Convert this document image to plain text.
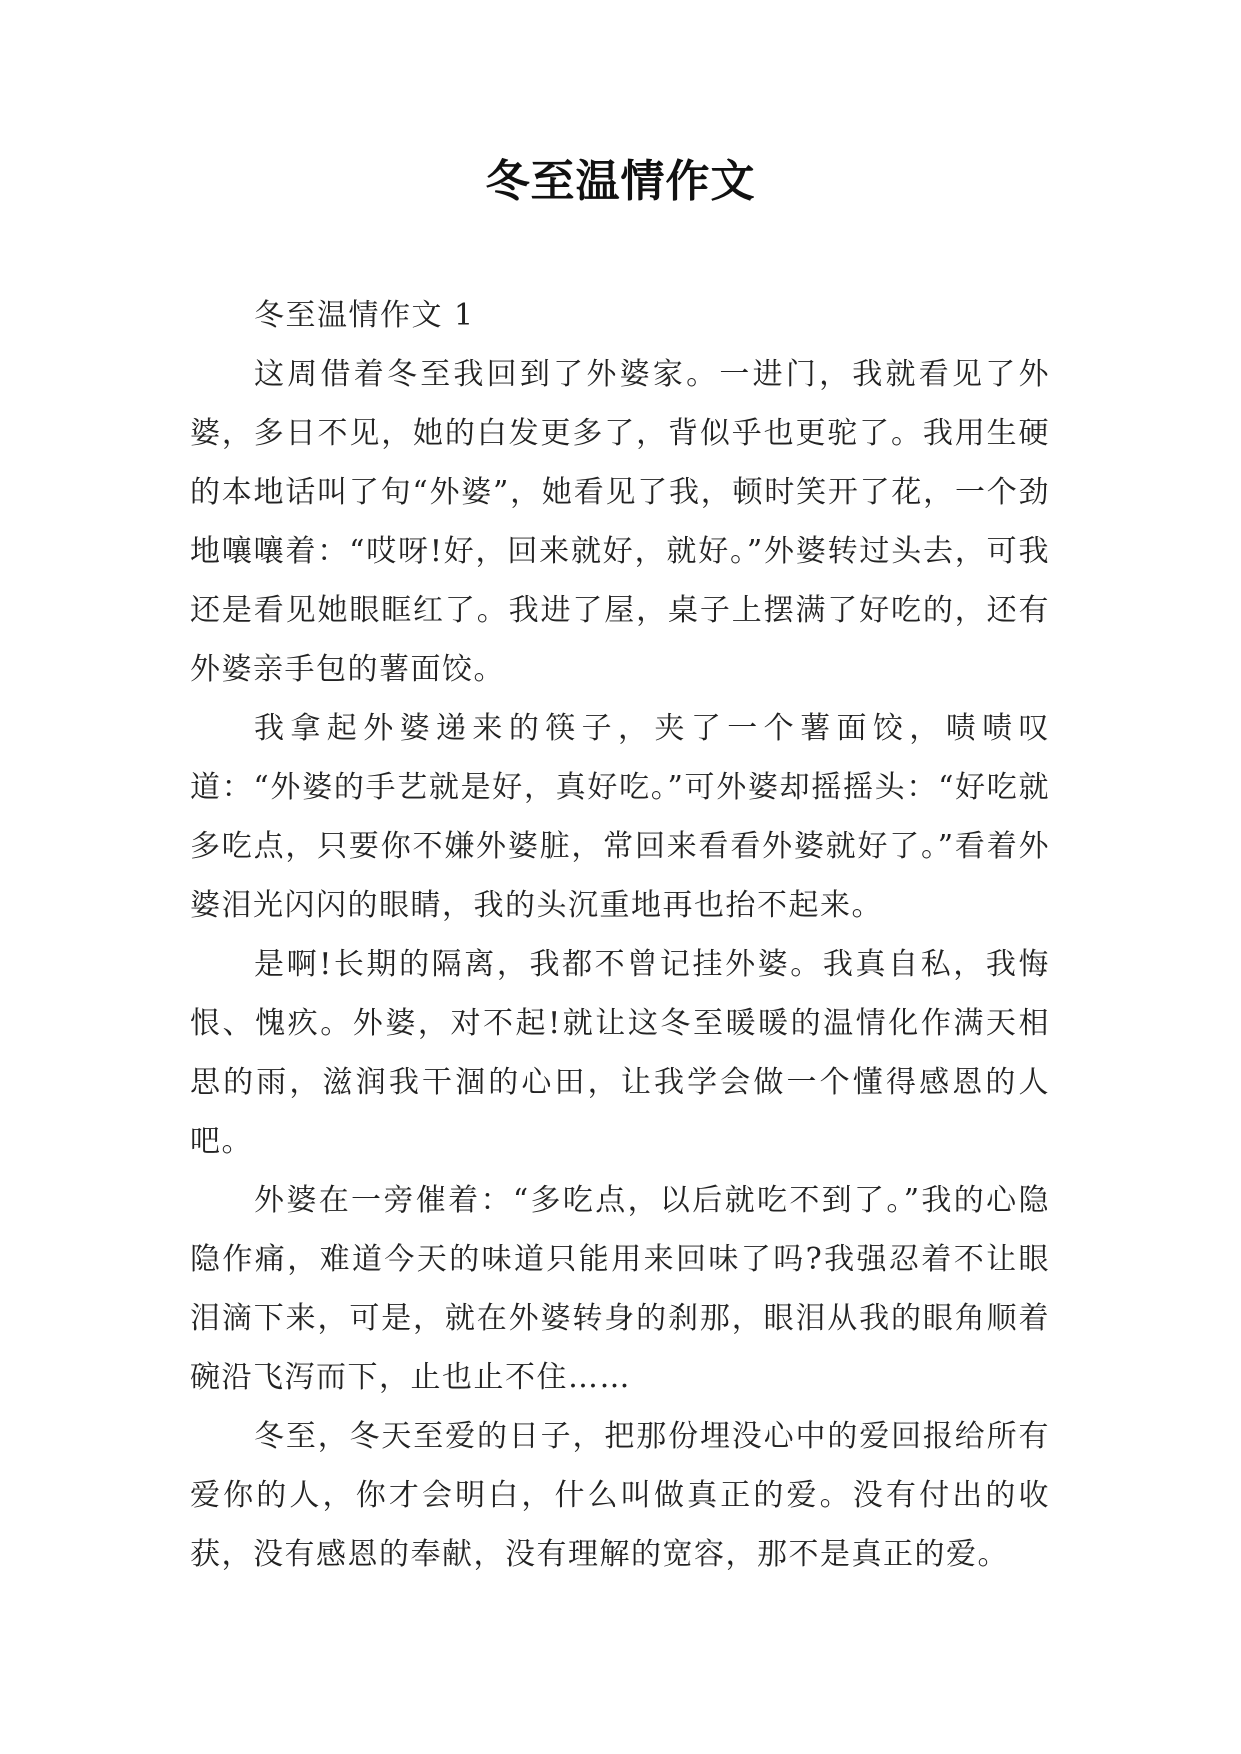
冬至温情作文

冬至温情作文 1

这周借着冬至我回到了外婆家。一进门，我就看见了外婆，多日不见，她的白发更多了，背似乎也更驼了。我用生硬的本地话叫了句“外婆”，她看见了我，顿时笑开了花，一个劲地嚷嚷着：“哎呀!好，回来就好，就好。”外婆转过头去，可我还是看见她眼眶红了。我进了屋，桌子上摆满了好吃的，还有外婆亲手包的薯面饺。

我拿起外婆递来的筷子，夹了一个薯面饺，啧啧叹道：“外婆的手艺就是好，真好吃。”可外婆却摇摇头：“好吃就多吃点，只要你不嫌外婆脏，常回来看看外婆就好了。”看着外婆泪光闪闪的眼睛，我的头沉重地再也抬不起来。

是啊!长期的隔离，我都不曾记挂外婆。我真自私，我悔恨、愧疚。外婆，对不起!就让这冬至暖暖的温情化作满天相思的雨，滋润我干涸的心田，让我学会做一个懂得感恩的人吧。

外婆在一旁催着：“多吃点，以后就吃不到了。”我的心隐隐作痛，难道今天的味道只能用来回味了吗?我强忍着不让眼泪滴下来，可是，就在外婆转身的刹那，眼泪从我的眼角顺着碗沿飞泻而下，止也止不住……

冬至，冬天至爱的日子，把那份埋没心中的爱回报给所有爱你的人，你才会明白，什么叫做真正的爱。没有付出的收获，没有感恩的奉献，没有理解的宽容，那不是真正的爱。
